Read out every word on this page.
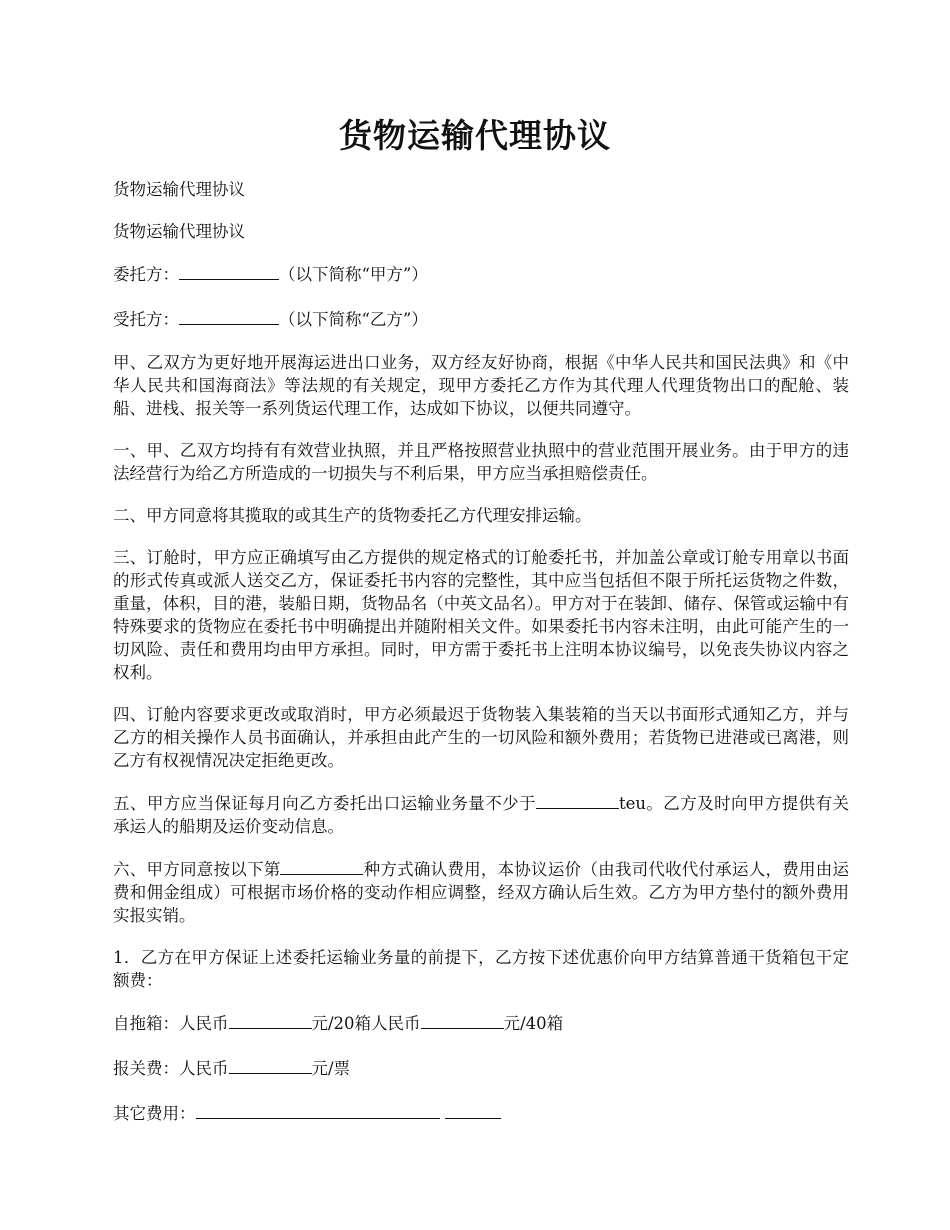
货物运输代理协议

货物运输代理协议

货物运输代理协议

委托方：	（以下简称“甲方”）

受托方：	（以下简称“乙方”）

甲、乙双方为更好地开展海运进出口业务，双方经友好协商，根据《中华人民共和国民法典》和《中华人民共和国海商法》等法规的有关规定，现甲方委托乙方作为其代理人代理货物出口的配舱、装船、进栈、报关等一系列货运代理工作，达成如下协议，以便共同遵守。

一、甲、乙双方均持有有效营业执照，并且严格按照营业执照中的营业范围开展业务。由于甲方的违法经营行为给乙方所造成的一切损失与不利后果，甲方应当承担赔偿责任。

二、甲方同意将其揽取的或其生产的货物委托乙方代理安排运输。

三、订舱时，甲方应正确填写由乙方提供的规定格式的订舱委托书，并加盖公章或订舱专用章以书面的形式传真或派人送交乙方，保证委托书内容的完整性，其中应当包括但不限于所托运货物之件数，重量，体积，目的港，装船日期，货物品名（中英文品名）。甲方对于在装卸、储存、保管或运输中有特殊要求的货物应在委托书中明确提出并随附相关文件。如果委托书内容未注明，由此可能产生的一切风险、责任和费用均由甲方承担。同时，甲方需于委托书上注明本协议编号，以免丧失协议内容之权利。

四、订舱内容要求更改或取消时，甲方必须最迟于货物装入集装箱的当天以书面形式通知乙方，并与乙方的相关操作人员书面确认，并承担由此产生的一切风险和额外费用；若货物已进港或已离港，则乙方有权视情况决定拒绝更改。

五、甲方应当保证每月向乙方委托出口运输业务量不少于	teu。乙方及时向甲方提供有关承运人的船期及运价变动信息。

六、甲方同意按以下第	种方式确认费用，本协议运价（由我司代收代付承运人，费用由运费和佣金组成）可根据市场价格的变动作相应调整，经双方确认后生效。乙方为甲方垫付的额外费用实报实销。

1．乙方在甲方保证上述委托运输业务量的前提下，乙方按下述优惠价向甲方结算普通干货箱包干定额费：

自拖箱：人民币	元/20箱人民币	元/40箱

报关费：人民币	元/票

其它费用：
